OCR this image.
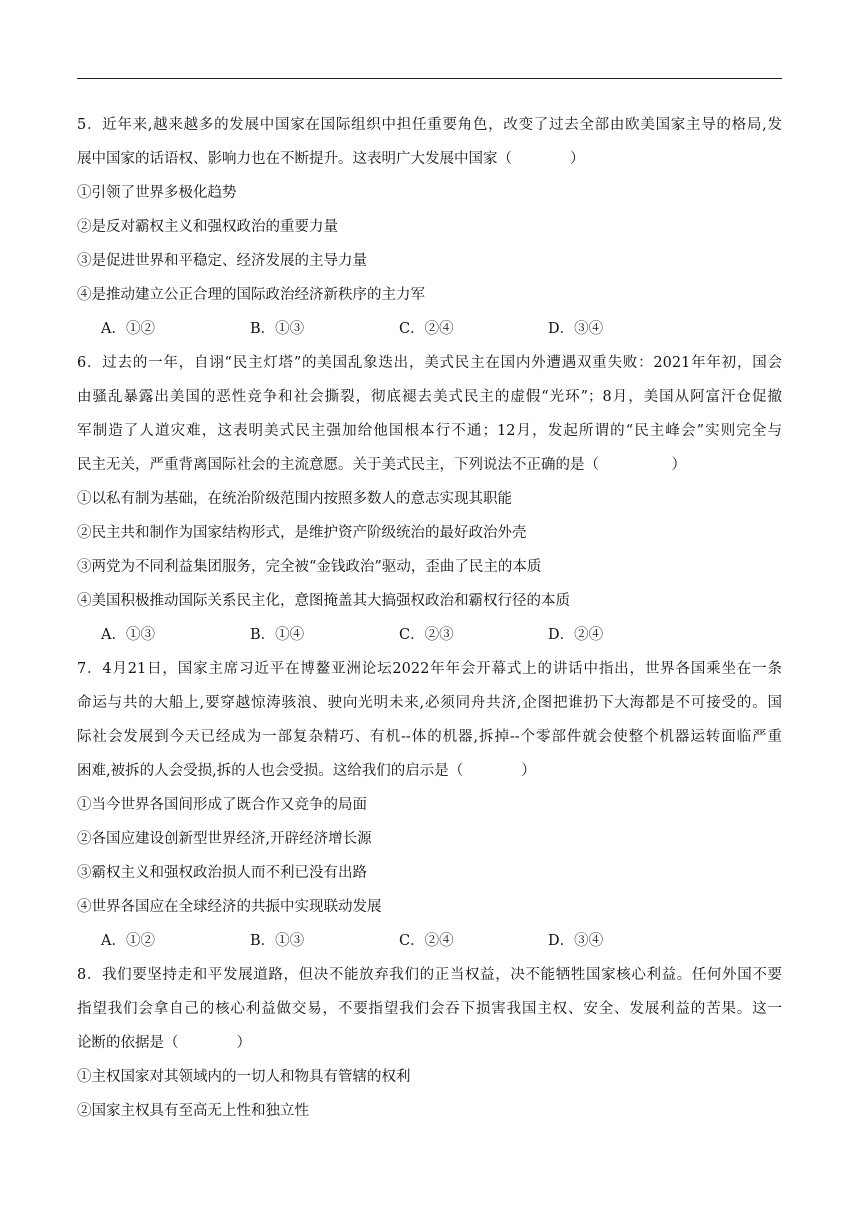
5．近年来,越来越多的发展中国家在国际组织中担任重要角色，改变了过去全部由欧美国家主导的格局,发
展中国家的话语权、影响力也在不断提升。这表明广大发展中国家（　　　　）
①引领了世界多极化趋势
②是反对霸权主义和强权政治的重要力量
③是促进世界和平稳定、经济发展的主导力量
④是推动建立公正合理的国际政治经济新秩序的主力军
A．①②	B．①③	C．②④	D．③④
6．过去的一年，自诩“民主灯塔”的美国乱象迭出，美式民主在国内外遭遇双重失败：2021年年初，国会
由骚乱暴露出美国的恶性竞争和社会撕裂，彻底褪去美式民主的虚假“光环”；8月，美国从阿富汗仓促撤
军制造了人道灾难，这表明美式民主强加给他国根本行不通；12月，发起所谓的“民主峰会”实则完全与
民主无关，严重背离国际社会的主流意愿。关于美式民主，下列说法不正确的是（　　　　　）
①以私有制为基础，在统治阶级范围内按照多数人的意志实现其职能
②民主共和制作为国家结构形式，是维护资产阶级统治的最好政治外壳
③两党为不同利益集团服务，完全被“金钱政治”驱动，歪曲了民主的本质
④美国积极推动国际关系民主化，意图掩盖其大搞强权政治和霸权行径的本质
A．①③	B．①④	C．②③	D．②④
7．4月21日，国家主席习近平在博鳌亚洲论坛2022年年会开幕式上的讲话中指出，世界各国乘坐在一条
命运与共的大船上,要穿越惊涛骇浪、驶向光明未来,必须同舟共济,企图把谁扔下大海都是不可接受的。国
际社会发展到今天已经成为一部复杂精巧、有机--体的机器,拆掉--个零部件就会使整个机器运转面临严重
困难,被拆的人会受损,拆的人也会受损。这给我们的启示是（　　　　）
①当今世界各国间形成了既合作又竞争的局面
②各国应建设创新型世界经济,开辟经济增长源
③霸权主义和强权政治损人而不利已没有出路
④世界各国应在全球经济的共振中实现联动发展
A．①②	B．①③	C．②④	D．③④
8．我们要坚持走和平发展道路，但决不能放弃我们的正当权益，决不能牺牲国家核心利益。任何外国不要
指望我们会拿自己的核心利益做交易，不要指望我们会吞下损害我国主权、安全、发展利益的苦果。这一
论断的依据是（　　　　）
①主权国家对其领域内的一切人和物具有管辖的权利
②国家主权具有至高无上性和独立性
